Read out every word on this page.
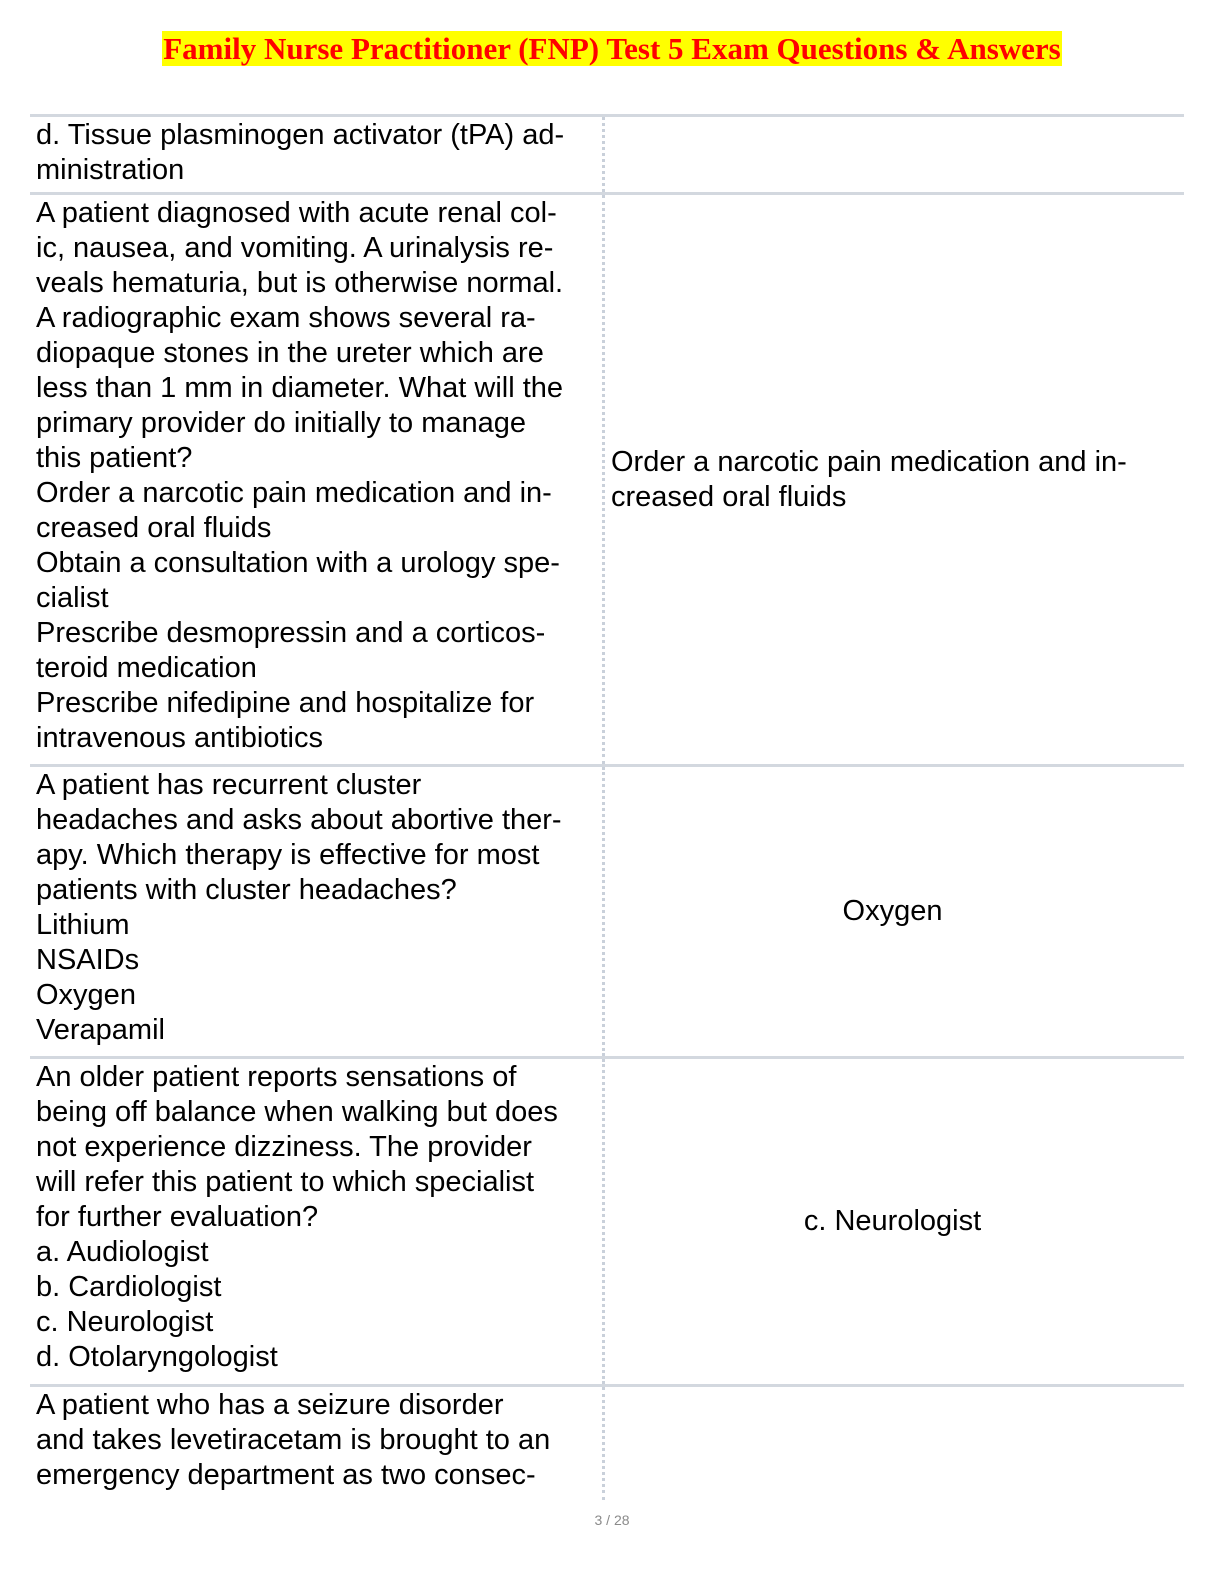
Family Nurse Practitioner (FNP) Test 5 Exam Questions & Answers
d. Tissue plasminogen activator (tPA) ad-
ministration
A patient diagnosed with acute renal col-
ic, nausea, and vomiting. A urinalysis re-
veals hematuria, but is otherwise normal.
A radiographic exam shows several ra-
diopaque stones in the ureter which are
less than 1 mm in diameter. What will the
primary provider do initially to manage
this patient?
Order a narcotic pain medication and in-
creased oral fluids
Obtain a consultation with a urology spe-
cialist
Prescribe desmopressin and a corticos-
teroid medication
Prescribe nifedipine and hospitalize for
intravenous antibiotics
Order a narcotic pain medication and in-
creased oral fluids
A patient has recurrent cluster
headaches and asks about abortive ther-
apy. Which therapy is effective for most
patients with cluster headaches?
Lithium
NSAIDs
Oxygen
Verapamil
Oxygen
An older patient reports sensations of
being off balance when walking but does
not experience dizziness. The provider
will refer this patient to which specialist
for further evaluation?
a. Audiologist
b. Cardiologist
c. Neurologist
d. Otolaryngologist
c. Neurologist
A patient who has a seizure disorder
and takes levetiracetam is brought to an
emergency department as two consec-
3 / 28
